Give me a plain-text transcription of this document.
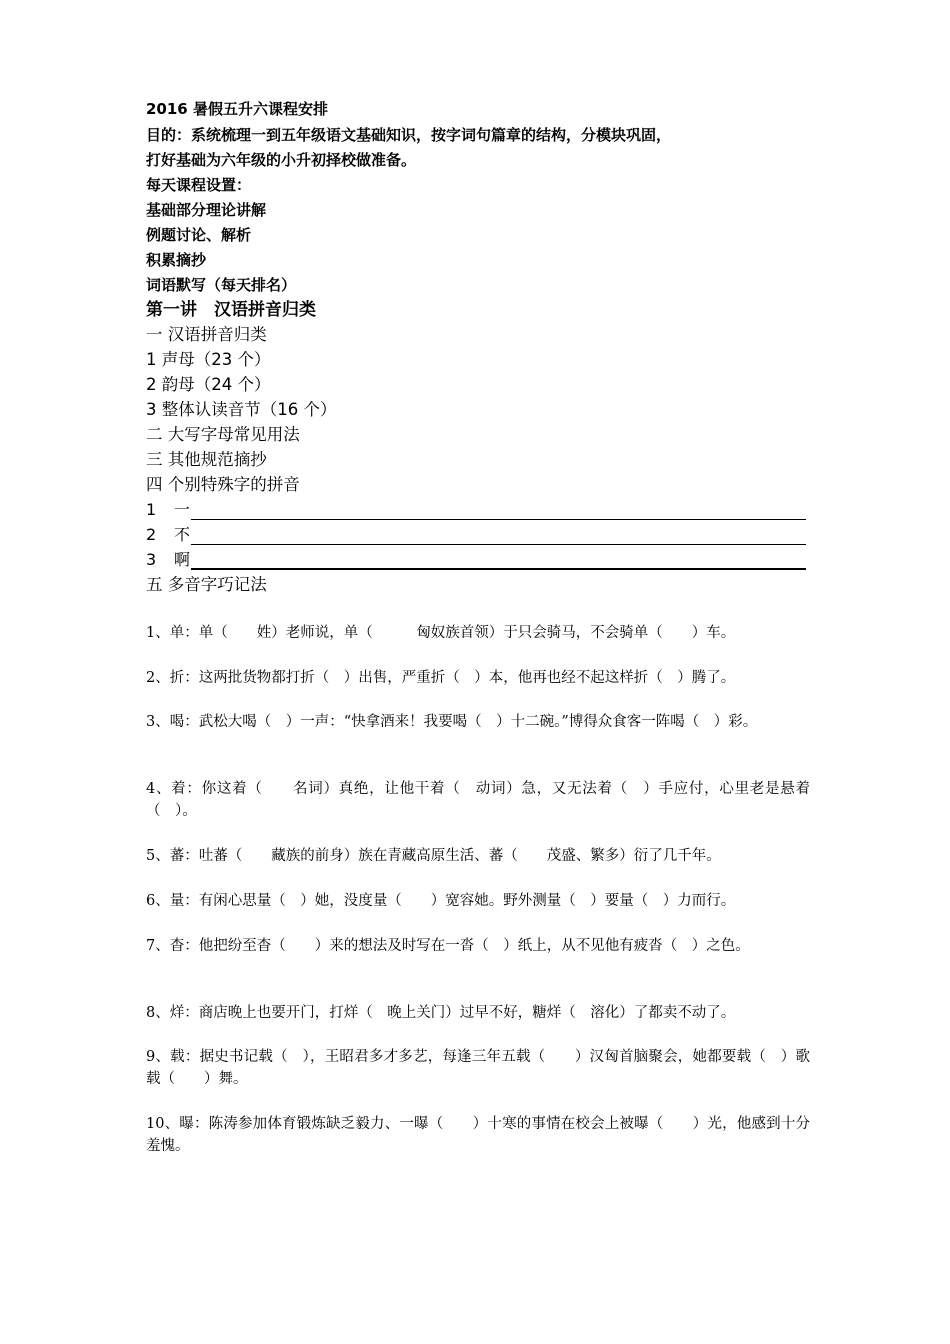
2016 暑假五升六课程安排
目的：系统梳理一到五年级语文基础知识，按字词句篇章的结构，分模块巩固，
打好基础为六年级的小升初择校做准备。
每天课程设置：
基础部分理论讲解
例题讨论、解析
积累摘抄
词语默写（每天排名）
第一讲　汉语拼音归类
一 汉语拼音归类
1 声母（23 个）
2 韵母（24 个）
3 整体认读音节（16 个）
二 大写字母常见用法
三 其他规范摘抄
四 个别特殊字的拼音
1 一
2 不
3 啊
五 多音字巧记法
1、单：单（　　姓）老师说，单（　　　匈奴族首领）于只会骑马，不会骑单（　　）车。
2、折：这两批货物都打折（　）出售，严重折（　）本，他再也经不起这样折（　）腾了。
3、喝：武松大喝（　）一声：“快拿酒来！我要喝（　）十二碗。”博得众食客一阵喝（　）彩。
4、着：你这着（　　名词）真绝，让他干着（　动词）急，又无法着（　）手应付，心里老是悬着（　）。
5、蕃：吐蕃（　　藏族的前身）族在青藏高原生活、蕃（　　茂盛、繁多）衍了几千年。
6、量：有闲心思量（　）她，没度量（　　）宽容她。野外测量（　）要量（　）力而行。
7、杳：他把纷至杳（　　）来的想法及时写在一沓（　）纸上，从不见他有疲沓（　）之色。
8、烊：商店晚上也要开门，打烊（　晚上关门）过早不好，糖烊（　溶化）了都卖不动了。
9、载：据史书记载（　），王昭君多才多艺，每逢三年五载（　　）汉匈首脑聚会，她都要载（　）歌载（　　）舞。
10、曝：陈涛参加体育锻炼缺乏毅力、一曝（　　）十寒的事情在校会上被曝（　　）光，他感到十分羞愧。
